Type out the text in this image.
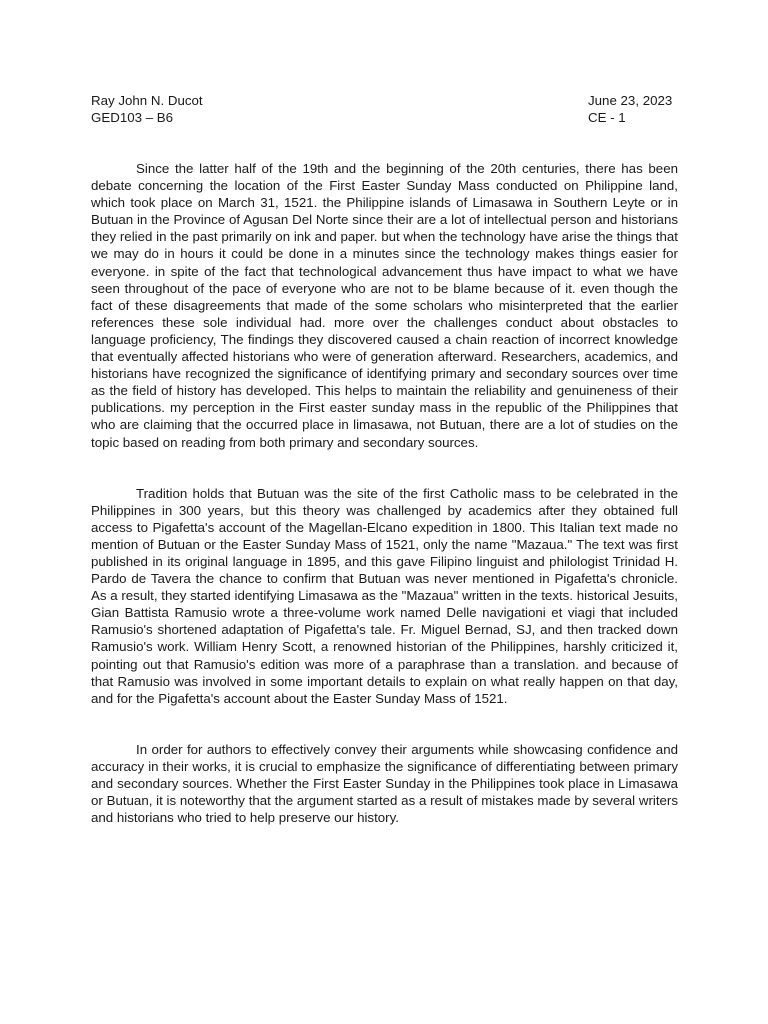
Ray John N. Ducot	June 23, 2023
GED103 – B6	CE - 1

Since the latter half of the 19th and the beginning of the 20th centuries, there has been debate concerning the location of the First Easter Sunday Mass conducted on Philippine land, which took place on March 31, 1521. the Philippine islands of Limasawa in Southern Leyte or in Butuan in the Province of Agusan Del Norte since their are a lot of intellectual person and historians they relied in the past primarily on ink and paper. but when the technology have arise the things that we may do in hours it could be done in a minutes since the technology makes things easier for everyone. in spite of the fact that technological advancement thus have impact to what we have seen throughout of the pace of everyone who are not to be blame because of it. even though the fact of these disagreements that made of the some scholars who misinterpreted that the earlier references these sole individual had. more over the challenges conduct about obstacles to language proficiency, The findings they discovered caused a chain reaction of incorrect knowledge that eventually affected historians who were of generation afterward. Researchers, academics, and historians have recognized the significance of identifying primary and secondary sources over time as the field of history has developed. This helps to maintain the reliability and genuineness of their publications. my perception in the First easter sunday mass in the republic of the Philippines that who are claiming that the occurred place in limasawa, not Butuan, there are a lot of studies on the topic based on reading from both primary and secondary sources.

Tradition holds that Butuan was the site of the first Catholic mass to be celebrated in the Philippines in 300 years, but this theory was challenged by academics after they obtained full access to Pigafetta's account of the Magellan-Elcano expedition in 1800. This Italian text made no mention of Butuan or the Easter Sunday Mass of 1521, only the name "Mazaua." The text was first published in its original language in 1895, and this gave Filipino linguist and philologist Trinidad H. Pardo de Tavera the chance to confirm that Butuan was never mentioned in Pigafetta's chronicle. As a result, they started identifying Limasawa as the "Mazaua" written in the texts. historical Jesuits, Gian Battista Ramusio wrote a three-volume work named Delle navigationi et viagi that included Ramusio's shortened adaptation of Pigafetta's tale. Fr. Miguel Bernad, SJ, and then tracked down Ramusio's work. William Henry Scott, a renowned historian of the Philippines, harshly criticized it, pointing out that Ramusio's edition was more of a paraphrase than a translation. and because of that Ramusio was involved in some important details to explain on what really happen on that day, and for the Pigafetta's account about the Easter Sunday Mass of 1521.

In order for authors to effectively convey their arguments while showcasing confidence and accuracy in their works, it is crucial to emphasize the significance of differentiating between primary and secondary sources. Whether the First Easter Sunday in the Philippines took place in Limasawa or Butuan, it is noteworthy that the argument started as a result of mistakes made by several writers and historians who tried to help preserve our history.
